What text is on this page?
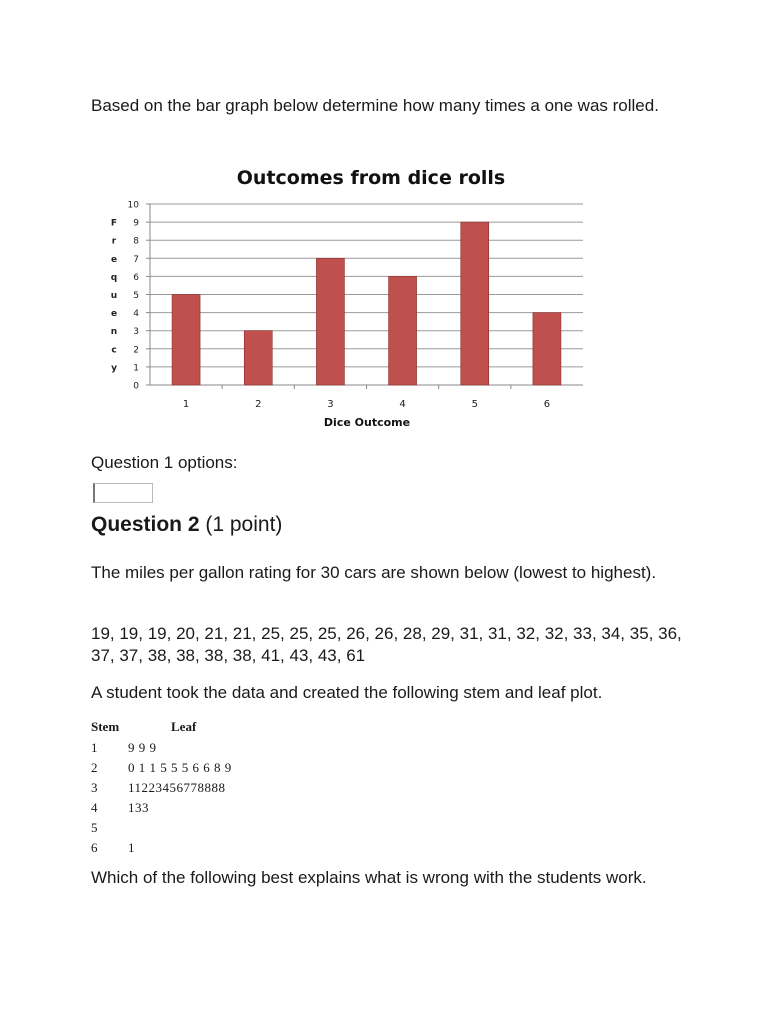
Based on the bar graph below determine how many times a one was rolled.

Outcomes from dice rolls
Dice Outcome
0
1
2
3
4
5
6
7
8
9
10
F
r
e
q
u
e
n
c
y
1	2	3	4	5	6

Question 1 options:

Question 2 (1 point)

The miles per gallon rating for 30 cars are shown below (lowest to highest).

19, 19, 19, 20, 21, 21, 25, 25, 25, 26, 26, 28, 29, 31, 31, 32, 32, 33, 34, 35, 36, 37, 37, 38, 38, 38, 38, 41, 43, 43, 61

A student took the data and created the following stem and leaf plot.

Stem	Leaf
1 9 9 9
2 0 1 1 5 5 5 6 6 8 9
3 11223456778888
4 133
5
6 1

Which of the following best explains what is wrong with the students work.
